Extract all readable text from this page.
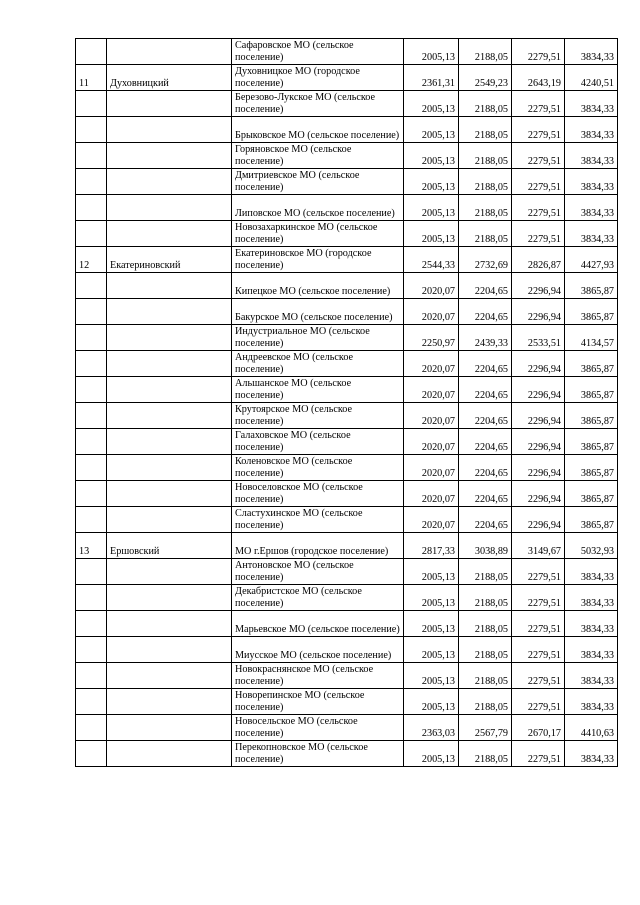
		Сафаровское МО (сельское поселение)	2005,13	2188,05	2279,51	3834,33
11	Духовницкий	Духовницкое МО (городское поселение)	2361,31	2549,23	2643,19	4240,51
		Березово-Лукское МО (сельское поселение)	2005,13	2188,05	2279,51	3834,33
		Брыковское МО (сельское поселение)	2005,13	2188,05	2279,51	3834,33
		Горяновское МО (сельское поселение)	2005,13	2188,05	2279,51	3834,33
		Дмитриевское МО (сельское поселение)	2005,13	2188,05	2279,51	3834,33
		Липовское МО (сельское поселение)	2005,13	2188,05	2279,51	3834,33
		Новозахаркинское МО (сельское поселение)	2005,13	2188,05	2279,51	3834,33
12	Екатериновский	Екатериновское МО (городское поселение)	2544,33	2732,69	2826,87	4427,93
		Кипецкое МО (сельское поселение)	2020,07	2204,65	2296,94	3865,87
		Бакурское МО (сельское поселение)	2020,07	2204,65	2296,94	3865,87
		Индустриальное МО (сельское поселение)	2250,97	2439,33	2533,51	4134,57
		Андреевское МО (сельское поселение)	2020,07	2204,65	2296,94	3865,87
		Альшанское МО (сельское поселение)	2020,07	2204,65	2296,94	3865,87
		Крутоярское МО (сельское поселение)	2020,07	2204,65	2296,94	3865,87
		Галаховское МО (сельское поселение)	2020,07	2204,65	2296,94	3865,87
		Коленовское МО (сельское поселение)	2020,07	2204,65	2296,94	3865,87
		Новоселовское МО (сельское поселение)	2020,07	2204,65	2296,94	3865,87
		Сластухинское МО (сельское поселение)	2020,07	2204,65	2296,94	3865,87
13	Ершовский	МО г.Ершов (городское поселение)	2817,33	3038,89	3149,67	5032,93
		Антоновское МО (сельское поселение)	2005,13	2188,05	2279,51	3834,33
		Декабристское МО (сельское поселение)	2005,13	2188,05	2279,51	3834,33
		Марьевское МО (сельское поселение)	2005,13	2188,05	2279,51	3834,33
		Миусское МО (сельское поселение)	2005,13	2188,05	2279,51	3834,33
		Новокраснянское МО (сельское поселение)	2005,13	2188,05	2279,51	3834,33
		Новорепинское МО (сельское поселение)	2005,13	2188,05	2279,51	3834,33
		Новосельское МО (сельское поселение)	2363,03	2567,79	2670,17	4410,63
		Перекопновское МО (сельское поселение)	2005,13	2188,05	2279,51	3834,33
